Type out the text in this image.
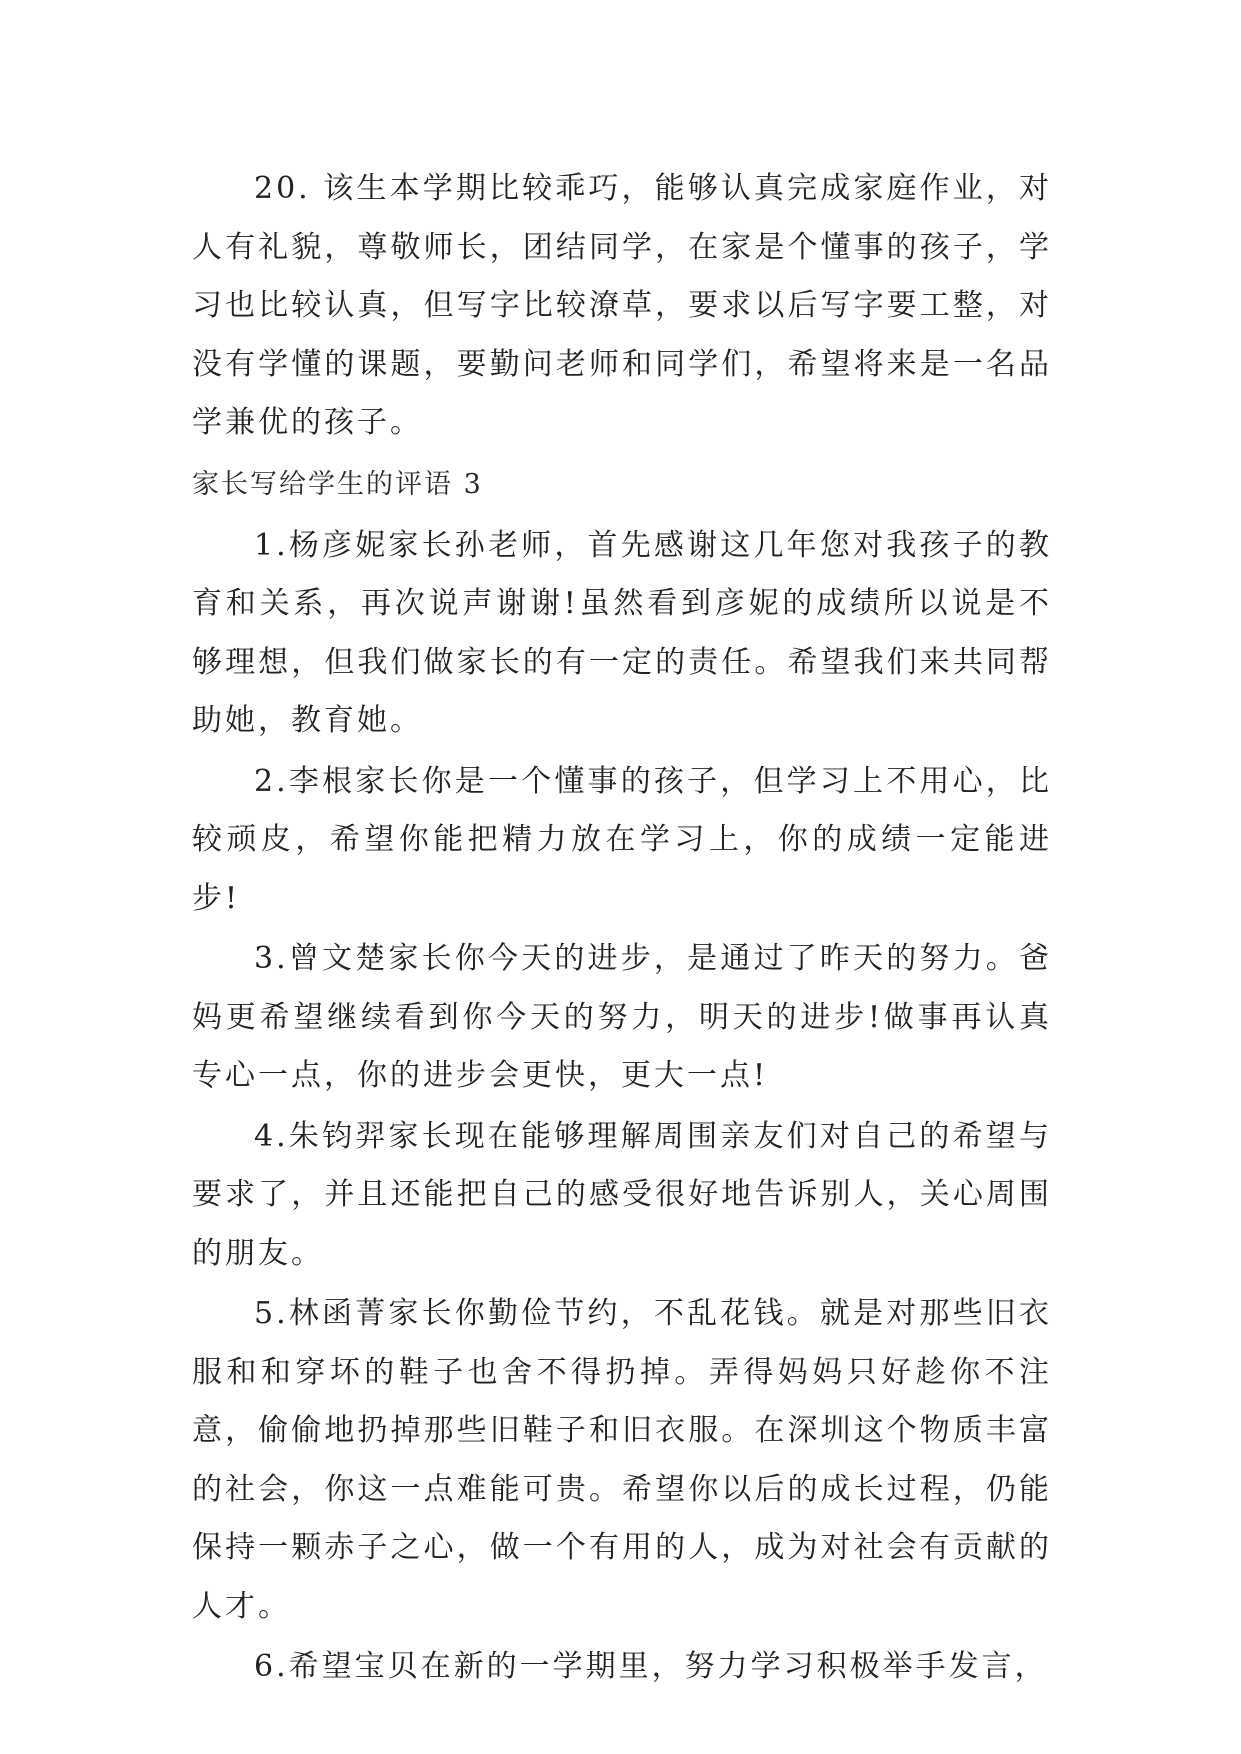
20. 该生本学期比较乖巧，能够认真完成家庭作业，对人有礼貌，尊敬师长，团结同学，在家是个懂事的孩子，学习也比较认真，但写字比较潦草，要求以后写字要工整，对没有学懂的课题，要勤问老师和同学们，希望将来是一名品学兼优的孩子。

家长写给学生的评语 3

1.杨彦妮家长孙老师，首先感谢这几年您对我孩子的教育和关系，再次说声谢谢!虽然看到彦妮的成绩所以说是不够理想，但我们做家长的有一定的责任。希望我们来共同帮助她，教育她。

2.李根家长你是一个懂事的孩子，但学习上不用心，比较顽皮，希望你能把精力放在学习上，你的成绩一定能进步!

3.曾文楚家长你今天的进步，是通过了昨天的努力。爸妈更希望继续看到你今天的努力，明天的进步!做事再认真专心一点，你的进步会更快，更大一点!

4.朱钧羿家长现在能够理解周围亲友们对自己的希望与要求了，并且还能把自己的感受很好地告诉别人，关心周围的朋友。

5.林函菁家长你勤俭节约，不乱花钱。就是对那些旧衣服和和穿坏的鞋子也舍不得扔掉。弄得妈妈只好趁你不注意，偷偷地扔掉那些旧鞋子和旧衣服。在深圳这个物质丰富的社会，你这一点难能可贵。希望你以后的成长过程，仍能保持一颗赤子之心，做一个有用的人，成为对社会有贡献的人才。

6.希望宝贝在新的一学期里，努力学习积极举手发言，
